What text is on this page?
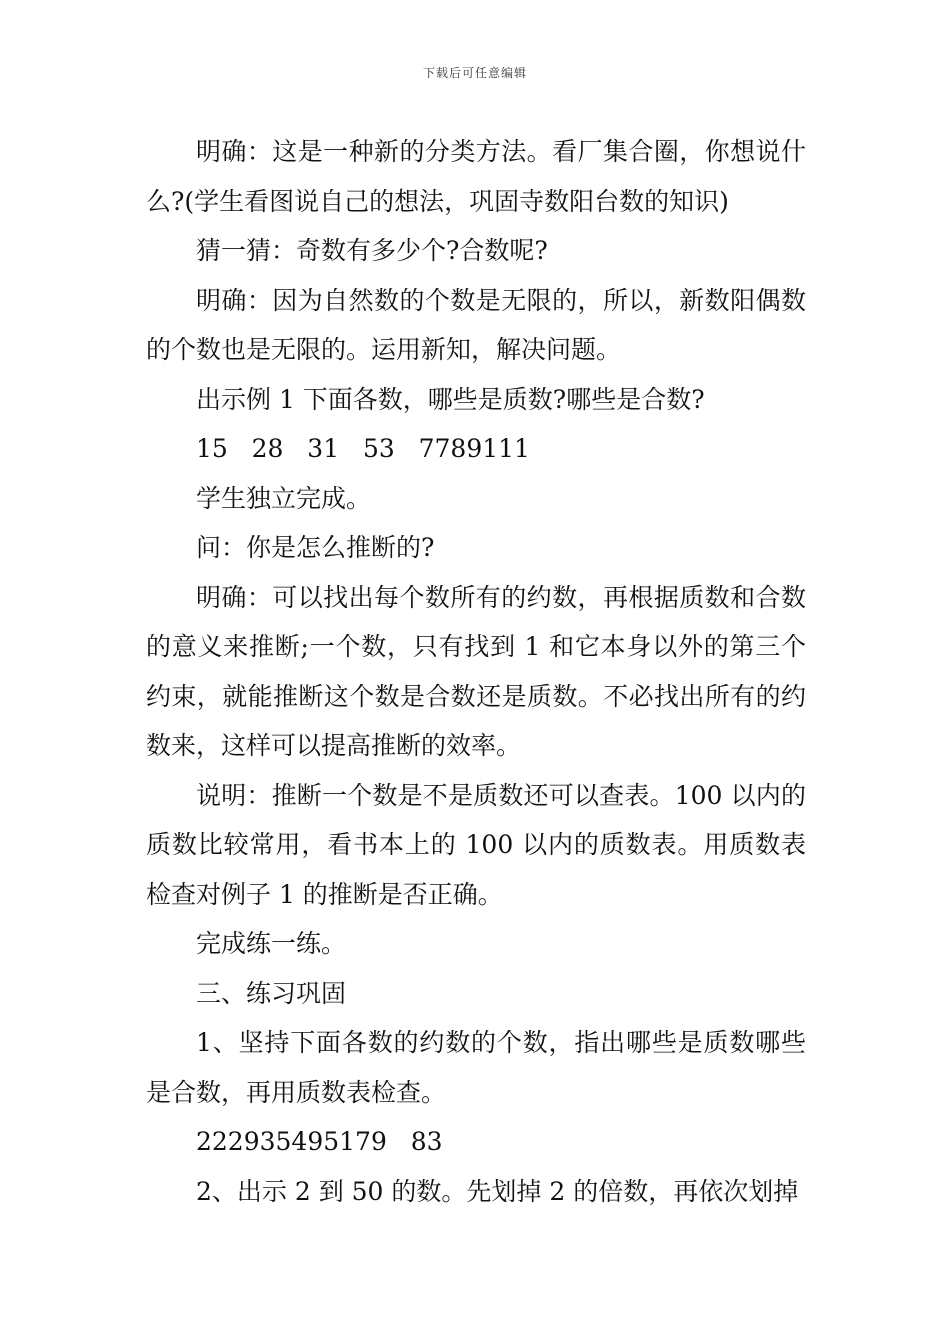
下载后可任意编辑

明确：这是一种新的分类方法。看厂集合圈，你想说什么?(学生看图说自己的想法，巩固寺数阳台数的知识)

猜一猜：奇数有多少个?合数呢?

明确：因为自然数的个数是无限的，所以，新数阳偶数的个数也是无限的。运用新知，解决问题。

出示例 1 下面各数，哪些是质数?哪些是合数?

15   28   31   53   7789111

学生独立完成。

问：你是怎么推断的?

明确：可以找出每个数所有的约数，再根据质数和合数的意义来推断;一个数，只有找到 1 和它本身以外的第三个约束，就能推断这个数是合数还是质数。不必找出所有的约数来，这样可以提高推断的效率。

说明：推断一个数是不是质数还可以查表。100 以内的质数比较常用，看书本上的 100 以内的质数表。用质数表检查对例子 1 的推断是否正确。

完成练一练。

三、练习巩固

1、坚持下面各数的约数的个数，指出哪些是质数哪些是合数，再用质数表检查。

222935495179   83

2、出示 2 到 50 的数。先划掉 2 的倍数，再依次划掉
